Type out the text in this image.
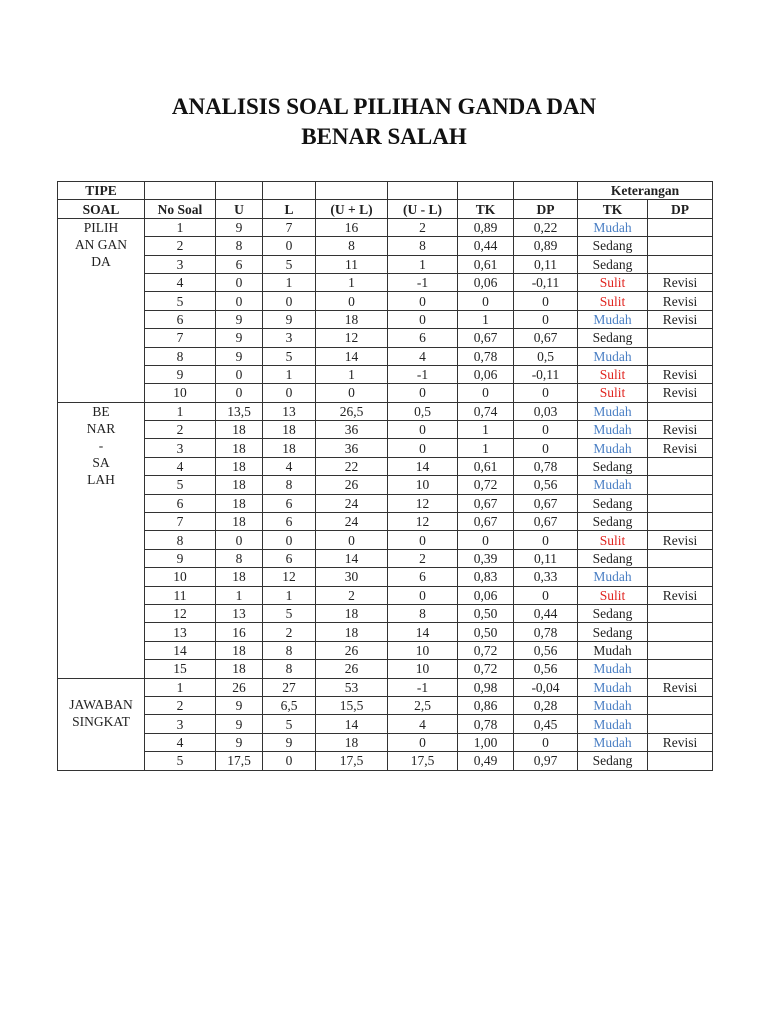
ANALISIS SOAL PILIHAN GANDA DAN
BENAR SALAH
TIPE								Keterangan	
SOAL	No Soal	U	L	(U + L)	(U - L)	TK	DP	TK	DP

PILIH
AN GAN
DA	1	9	7	16	2	0,89	0,22	Mudah	
	2	8	0	8	8	0,44	0,89	Sedang	
	3	6	5	11	1	0,61	0,11	Sedang	
	4	0	1	1	-1	0,06	-0,11	Sulit	Revisi
	5	0	0	0	0	0	0	Sulit	Revisi
	6	9	9	18	0	1	0	Mudah	Revisi
	7	9	3	12	6	0,67	0,67	Sedang	
	8	9	5	14	4	0,78	0,5	Mudah	
	9	0	1	1	-1	0,06	-0,11	Sulit	Revisi
	10	0	0	0	0	0	0	Sulit	Revisi

BE
NAR
-
SA
LAH	1	13,5	13	26,5	0,5	0,74	0,03	Mudah	
	2	18	18	36	0	1	0	Mudah	Revisi
	3	18	18	36	0	1	0	Mudah	Revisi
	4	18	4	22	14	0,61	0,78	Sedang	
	5	18	8	26	10	0,72	0,56	Mudah	
	6	18	6	24	12	0,67	0,67	Sedang	
	7	18	6	24	12	0,67	0,67	Sedang	
	8	0	0	0	0	0	0	Sulit	Revisi
	9	8	6	14	2	0,39	0,11	Sedang	
	10	18	12	30	6	0,83	0,33	Mudah	
	11	1	1	2	0	0,06	0	Sulit	Revisi
	12	13	5	18	8	0,50	0,44	Sedang	
	13	16	2	18	14	0,50	0,78	Sedang	
	14	18	8	26	10	0,72	0,56	Mudah	
	15	18	8	26	10	0,72	0,56	Mudah	

JAWABAN
SINGKAT	1	26	27	53	-1	0,98	-0,04	Mudah	Revisi
	2	9	6,5	15,5	2,5	0,86	0,28	Mudah	
	3	9	5	14	4	0,78	0,45	Mudah	
	4	9	9	18	0	1,00	0	Mudah	Revisi
	5	17,5	0	17,5	17,5	0,49	0,97	Sedang	
